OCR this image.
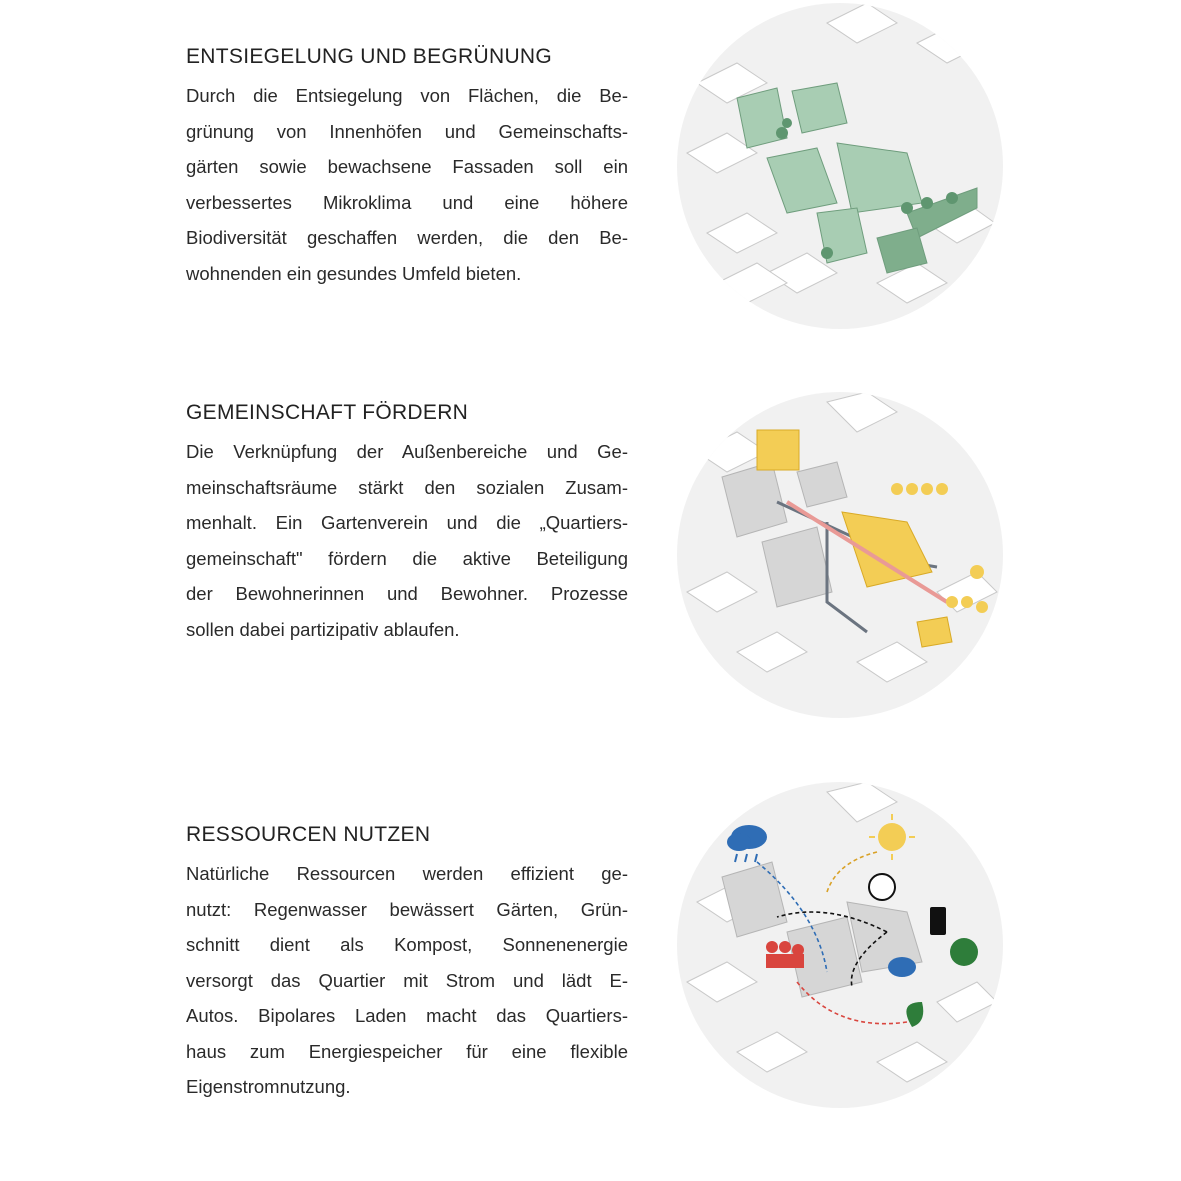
ENTSIEGELUNG UND BEGRÜNUNG

Durch die Entsiegelung von Flächen, die Be-
grünung von Innenhöfen und Gemeinschafts-
gärten sowie bewachsene Fassaden soll ein
verbessertes Mikroklima und eine höhere
Biodiversität geschaffen werden, die den Be-
wohnenden ein gesundes Umfeld bieten.

GEMEINSCHAFT FÖRDERN

Die Verknüpfung der Außenbereiche und Ge-
meinschaftsräume stärkt den sozialen Zusam-
menhalt. Ein Gartenverein und die „Quartiers-
gemeinschaft" fördern die aktive Beteiligung
der Bewohnerinnen und Bewohner. Prozesse
sollen dabei partizipativ ablaufen.

RESSOURCEN NUTZEN

Natürliche Ressourcen werden effizient ge-
nutzt: Regenwasser bewässert Gärten, Grün-
schnitt dient als Kompost, Sonnenenergie
versorgt das Quartier mit Strom und lädt E-
Autos. Bipolares Laden macht das Quartiers-
haus zum Energiespeicher für eine flexible
Eigenstromnutzung.
